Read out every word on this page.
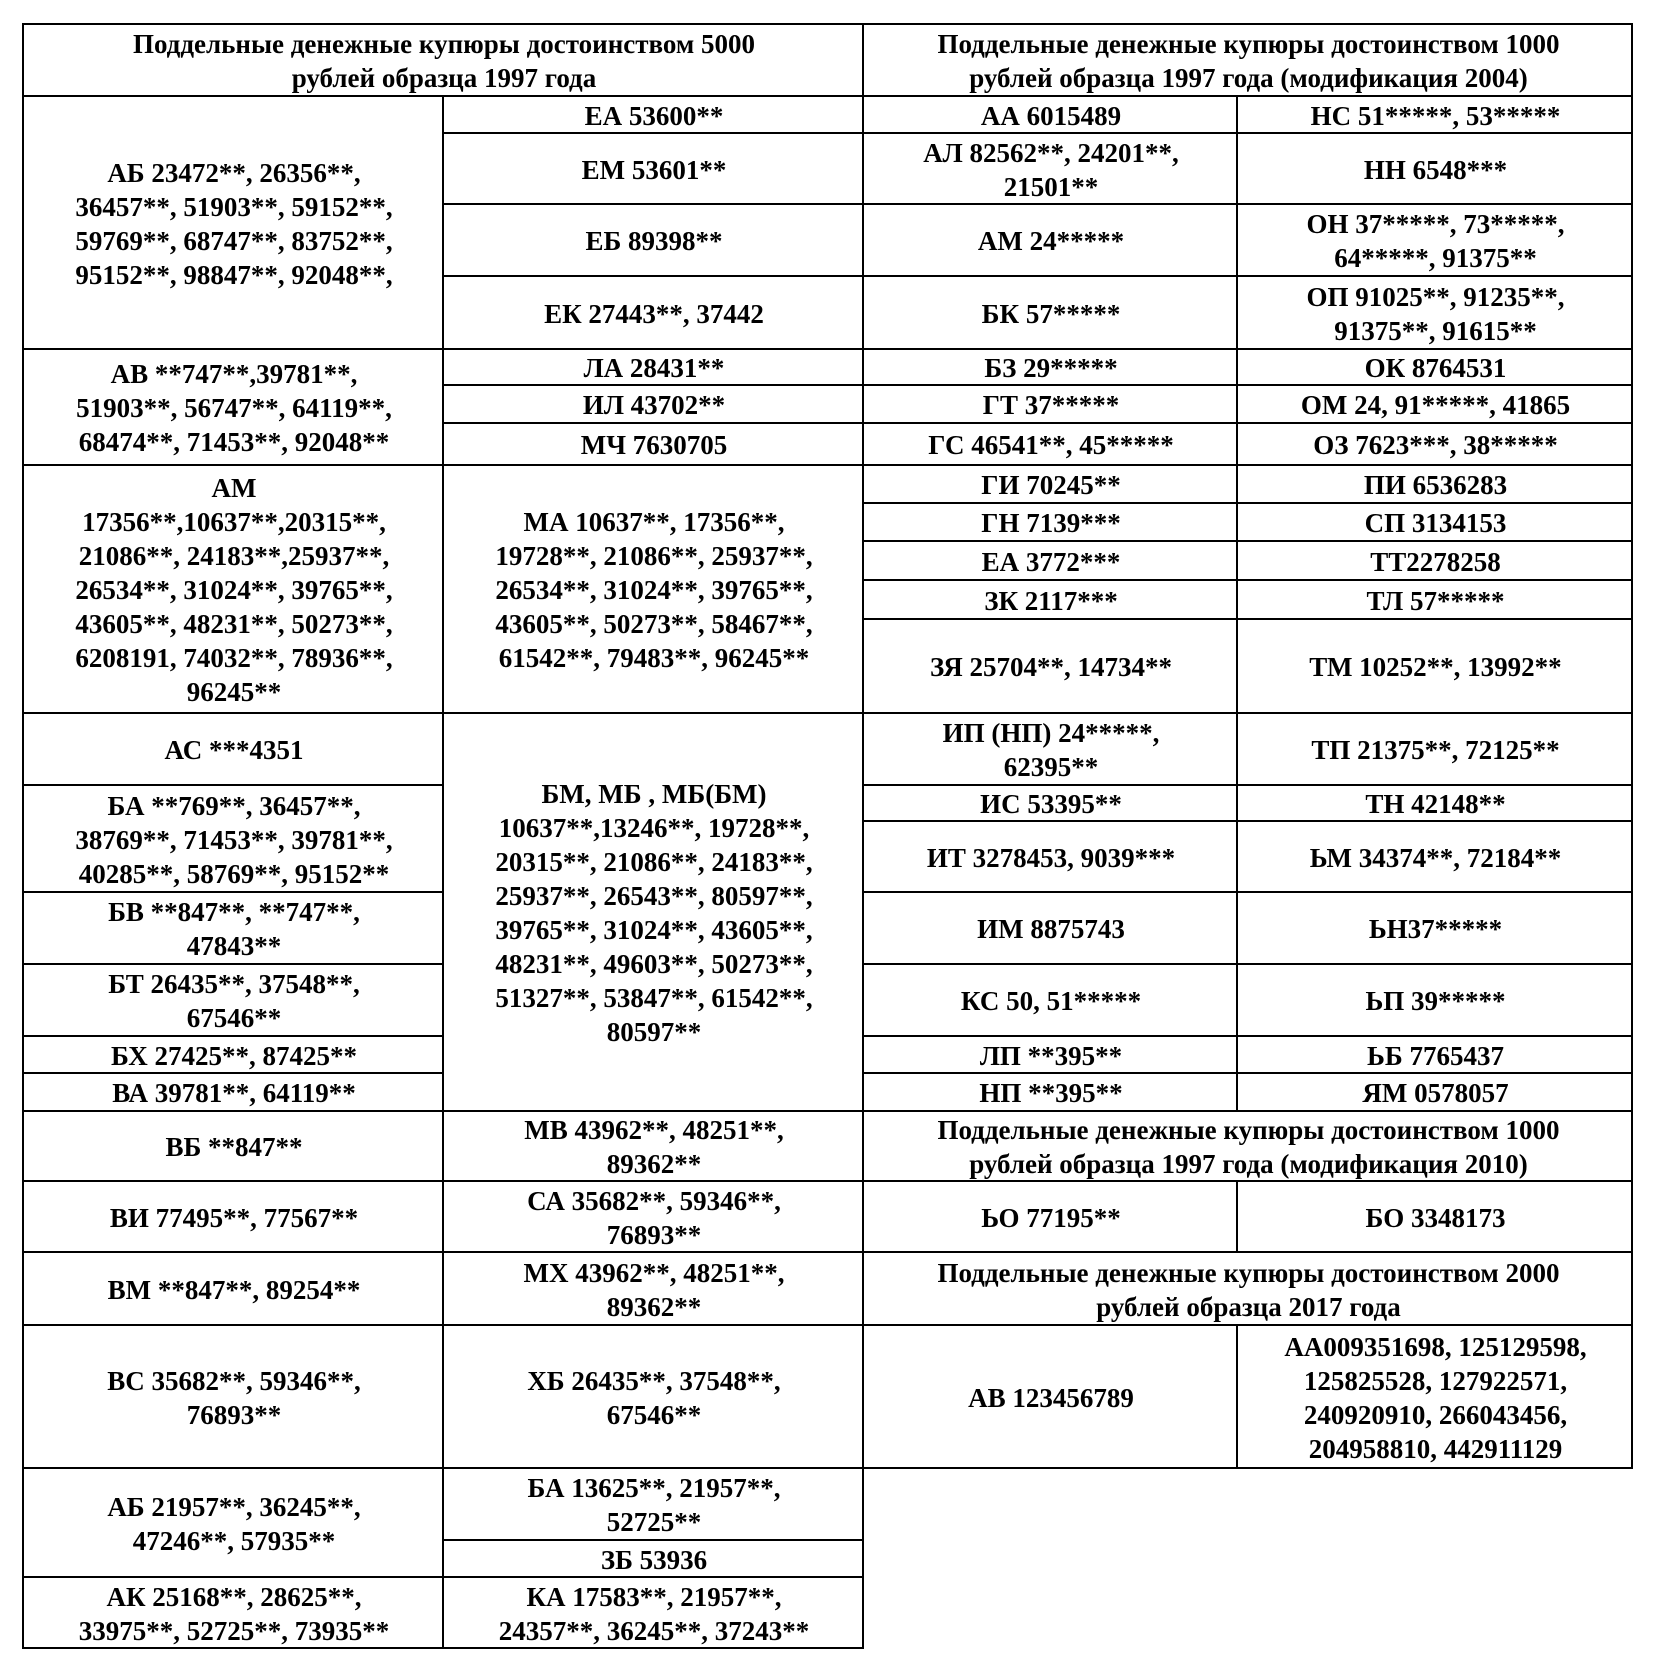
Поддельные денежные купюры достоинством 5000
рублей образца 1997 года
Поддельные денежные купюры достоинством 1000
рублей образца 1997 года (модификация 2004)
АБ 23472**, 26356**,
36457**, 51903**, 59152**,
59769**, 68747**, 83752**,
95152**, 98847**, 92048**,
АВ **747**,39781**,
51903**, 56747**, 64119**,
68474**, 71453**, 92048**
АМ
17356**,10637**,20315**,
21086**, 24183**,25937**,
26534**, 31024**, 39765**,
43605**, 48231**, 50273**,
6208191, 74032**, 78936**,
96245**
АС ***4351
БА **769**, 36457**,
38769**, 71453**, 39781**,
40285**, 58769**, 95152**
БВ **847**, **747**,
47843**
БТ 26435**, 37548**,
67546**
БХ 27425**, 87425**
ВА 39781**, 64119**
ВБ **847**
ВИ 77495**, 77567**
ВМ **847**, 89254**
ВС 35682**, 59346**,
76893**
АБ 21957**, 36245**,
47246**, 57935**
АК 25168**, 28625**,
33975**, 52725**, 73935**
ЕА 53600**
ЕМ 53601**
ЕБ 89398**
ЕК 27443**, 37442
ЛА 28431**
ИЛ 43702**
МЧ 7630705
МА 10637**, 17356**,
19728**, 21086**, 25937**,
26534**, 31024**, 39765**,
43605**, 50273**, 58467**,
61542**, 79483**, 96245**
БМ, МБ , МБ(БМ)
10637**,13246**, 19728**,
20315**, 21086**, 24183**,
25937**, 26543**, 80597**,
39765**, 31024**, 43605**,
48231**, 49603**, 50273**,
51327**, 53847**, 61542**,
80597**
МВ 43962**, 48251**,
89362**
СА 35682**, 59346**,
76893**
МХ 43962**, 48251**,
89362**
ХБ 26435**, 37548**,
67546**
БА 13625**, 21957**,
52725**
ЗБ 53936
КА 17583**, 21957**,
24357**, 36245**, 37243**
АА 6015489
АЛ 82562**, 24201**,
21501**
АМ 24*****
БК 57*****
БЗ 29*****
ГТ 37*****
ГС 46541**, 45*****
ГИ 70245**
ГН 7139***
ЕА 3772***
ЗК 2117***
ЗЯ 25704**, 14734**
ИП (НП) 24*****,
62395**
ИС 53395**
ИТ 3278453, 9039***
ИМ 8875743
КС 50, 51*****
ЛП **395**
НП **395**
НС 51*****, 53*****
НН 6548***
ОН 37*****, 73*****,
64*****, 91375**
ОП 91025**, 91235**,
91375**, 91615**
ОК 8764531
ОМ 24, 91*****, 41865
ОЗ 7623***, 38*****
ПИ 6536283
СП 3134153
ТТ2278258
ТЛ 57*****
ТМ 10252**, 13992**
ТП 21375**, 72125**
ТН 42148**
ЬМ 34374**, 72184**
ЬН37*****
ЬП 39*****
ЬБ 7765437
ЯМ 0578057
Поддельные денежные купюры достоинством 1000
рублей образца 1997 года (модификация 2010)
ЬО 77195**	БО 3348173
Поддельные денежные купюры достоинством 2000
рублей образца 2017 года
АВ 123456789
АА009351698, 125129598,
125825528, 127922571,
240920910, 266043456,
204958810, 442911129
